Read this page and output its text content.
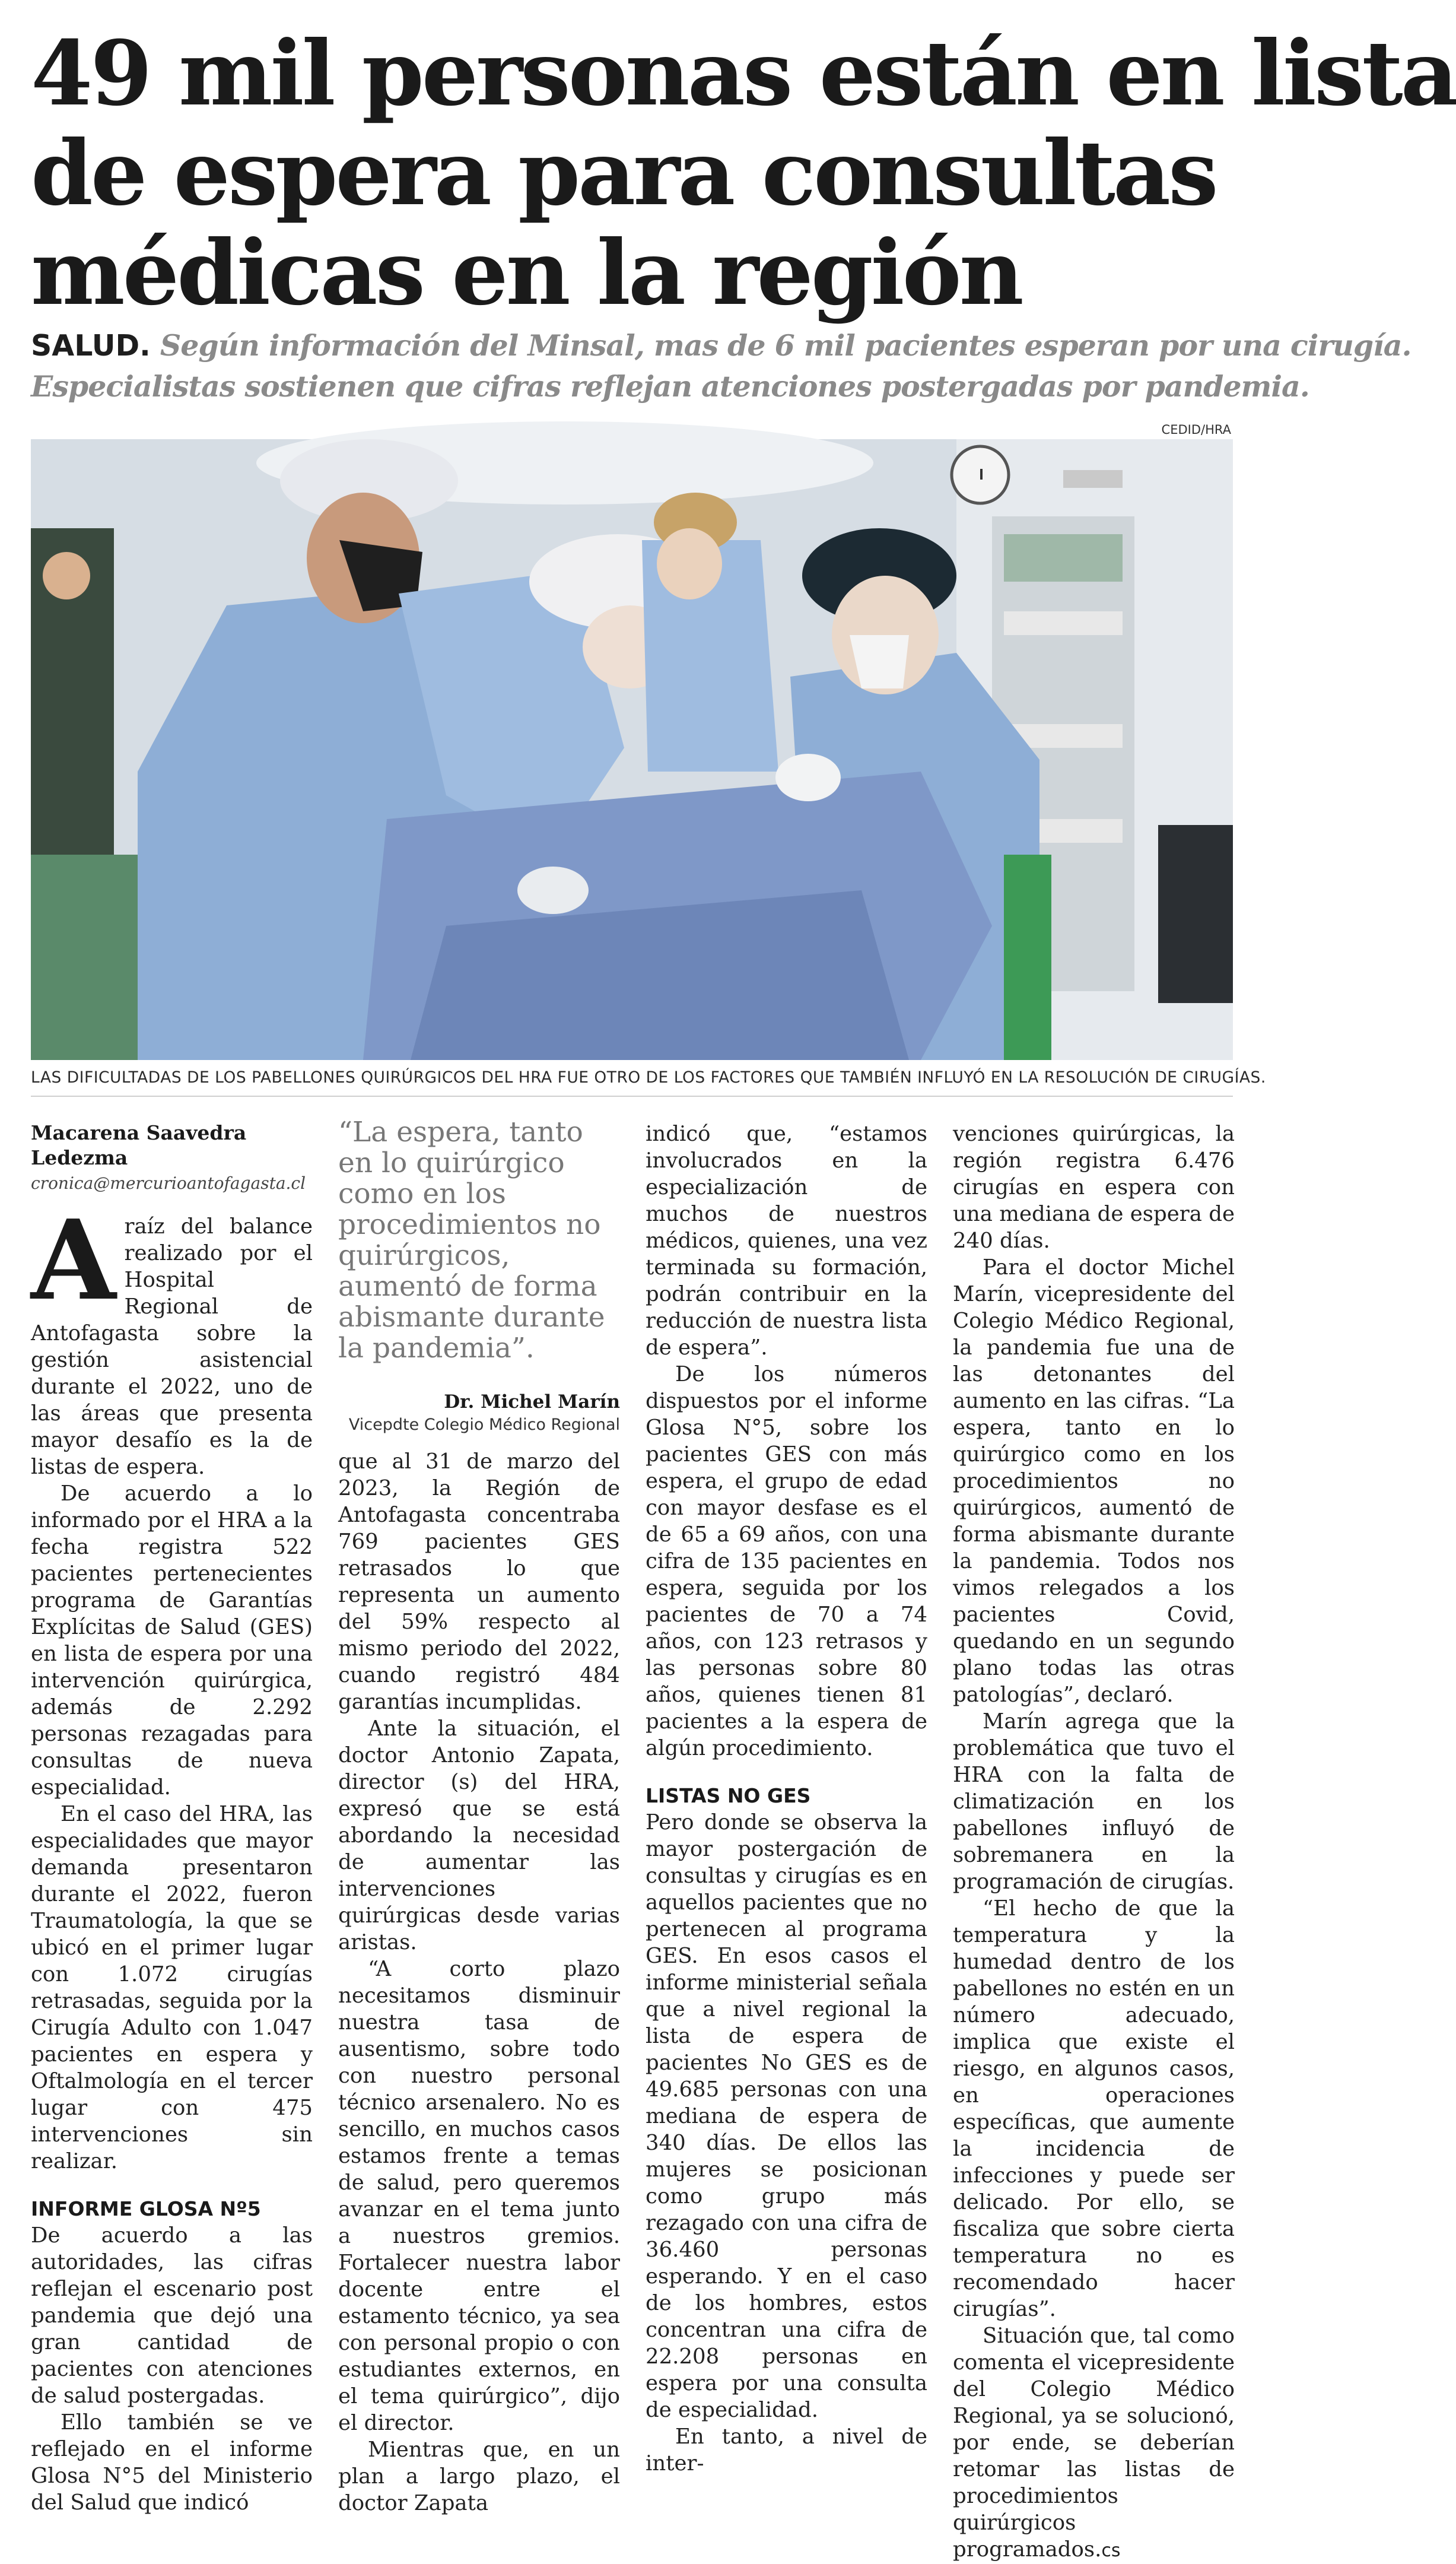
49 mil personas están en lista
de espera para consultas
médicas en la región
SALUD. Según información del Minsal, mas de 6 mil pacientes esperan por una cirugía.
Especialistas sostienen que cifras reflejan atenciones postergadas por pandemia.
CEDID/HRA
LAS DIFICULTADAS DE LOS PABELLONES QUIRÚRGICOS DEL HRA FUE OTRO DE LOS FACTORES QUE TAMBIÉN INFLUYÓ EN LA RESOLUCIÓN DE CIRUGÍAS.
Macarena Saavedra Ledezma
cronica@mercurioantofagasta.cl

Araíz del balance realizado por el Hospital Regional de Antofagasta sobre la gestión asistencial durante el 2022, uno de las áreas que presenta mayor desafío es la de listas de espera.

De acuerdo a lo informado por el HRA a la fecha registra 522 pacientes pertenecientes programa de Garantías Explícitas de Salud (GES) en lista de espera por una intervención quirúrgica, además de 2.292 personas rezagadas para consultas de nueva especialidad.

En el caso del HRA, las especialidades que mayor demanda presentaron durante el 2022, fueron Traumatología, la que se ubicó en el primer lugar con 1.072 cirugías retrasadas, seguida por la Cirugía Adulto con 1.047 pacientes en espera y Oftalmología en el tercer lugar con 475 intervenciones sin realizar.

INFORME GLOSA Nº5

De acuerdo a las autoridades, las cifras reflejan el escenario post pandemia que dejó una gran cantidad de pacientes con atenciones de salud postergadas.

Ello también se ve reflejado en el informe Glosa N°5 del Ministerio del Salud que indicó

“La espera, tanto en lo quirúrgico como en los procedimientos no quirúrgicos, aumentó de forma abismante durante la pandemia”.
Dr. Michel Marín
Vicepdte Colegio Médico Regional

que al 31 de marzo del 2023, la Región de Antofagasta concentraba 769 pacientes GES retrasados lo que representa un aumento del 59% respecto al mismo periodo del 2022, cuando registró 484 garantías incumplidas.

Ante la situación, el doctor Antonio Zapata, director (s) del HRA, expresó que se está abordando la necesidad de aumentar las intervenciones quirúrgicas desde varias aristas.

“A corto plazo necesitamos disminuir nuestra tasa de ausentismo, sobre todo con nuestro personal técnico arsenalero. No es sencillo, en muchos casos estamos frente a temas de salud, pero queremos avanzar en el tema junto a nuestros gremios. Fortalecer nuestra labor docente entre el estamento técnico, ya sea con personal propio o con estudiantes externos, en el tema quirúrgico”, dijo el director.

Mientras que, en un plan a largo plazo, el doctor Zapata

indicó que, “estamos involucrados en la especialización de muchos de nuestros médicos, quienes, una vez terminada su formación, podrán contribuir en la reducción de nuestra lista de espera”.

De los números dispuestos por el informe Glosa N°5, sobre los pacientes GES con más espera, el grupo de edad con mayor desfase es el de 65 a 69 años, con una cifra de 135 pacientes en espera, seguida por los pacientes de 70 a 74 años, con 123 retrasos y las personas sobre 80 años, quienes tienen 81 pacientes a la espera de algún procedimiento.

LISTAS NO GES

Pero donde se observa la mayor postergación de consultas y cirugías es en aquellos pacientes que no pertenecen al programa GES. En esos casos el informe ministerial señala que a nivel regional la lista de espera de pacientes No GES es de 49.685 personas con una mediana de espera de 340 días. De ellos las mujeres se posicionan como grupo más rezagado con una cifra de 36.460 personas esperando. Y en el caso de los hombres, estos concentran una cifra de 22.208 personas en espera por una consulta de especialidad.

En tanto, a nivel de inter-

venciones quirúrgicas, la región registra 6.476 cirugías en espera con una mediana de espera de 240 días.

Para el doctor Michel Marín, vicepresidente del Colegio Médico Regional, la pandemia fue una de las detonantes del aumento en las cifras. “La espera, tanto en lo quirúrgico como en los procedimientos no quirúrgicos, aumentó de forma abismante durante la pandemia. Todos nos vimos relegados a los pacientes Covid, quedando en un segundo plano todas las otras patologías”, declaró.

Marín agrega que la problemática que tuvo el HRA con la falta de climatización en los pabellones influyó de sobremanera en la programación de cirugías.

“El hecho de que la temperatura y la humedad dentro de los pabellones no estén en un número adecuado, implica que existe el riesgo, en algunos casos, en operaciones específicas, que aumente la incidencia de infecciones y puede ser delicado. Por ello, se fiscaliza que sobre cierta temperatura no es recomendado hacer cirugías”.

Situación que, tal como comenta el vicepresidente del Colegio Médico Regional, ya se solucionó, por ende, se deberían retomar las listas de procedimientos quirúrgicos programados.cs
